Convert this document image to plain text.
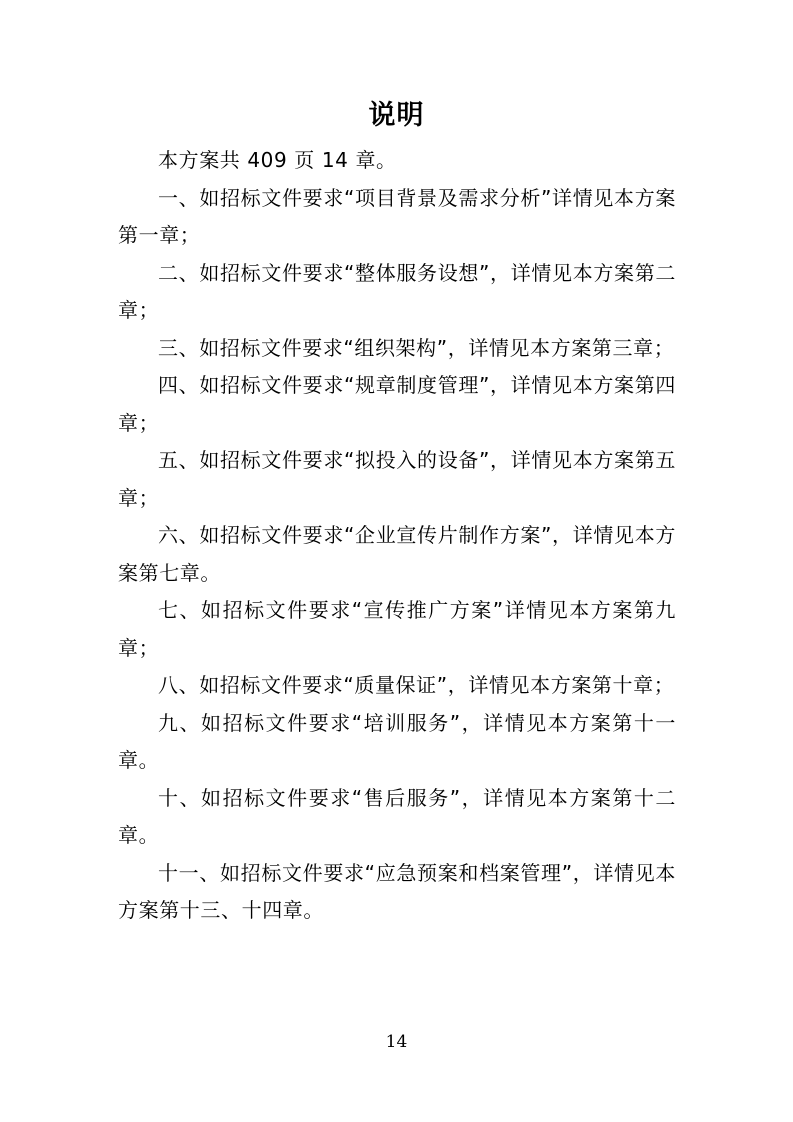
说明

本方案共 409 页 14 章。

一、如招标文件要求“项目背景及需求分析”详情见本方案第一章；

二、如招标文件要求“整体服务设想”，详情见本方案第二章；

三、如招标文件要求“组织架构”，详情见本方案第三章；

四、如招标文件要求“规章制度管理”，详情见本方案第四章；

五、如招标文件要求“拟投入的设备”，详情见本方案第五章；

六、如招标文件要求“企业宣传片制作方案”，详情见本方案第七章。

七、如招标文件要求“宣传推广方案”详情见本方案第九章；

八、如招标文件要求“质量保证”，详情见本方案第十章；

九、如招标文件要求“培训服务”，详情见本方案第十一章。

十、如招标文件要求“售后服务”，详情见本方案第十二章。

十一、如招标文件要求“应急预案和档案管理”，详情见本方案第十三、十四章。

14
